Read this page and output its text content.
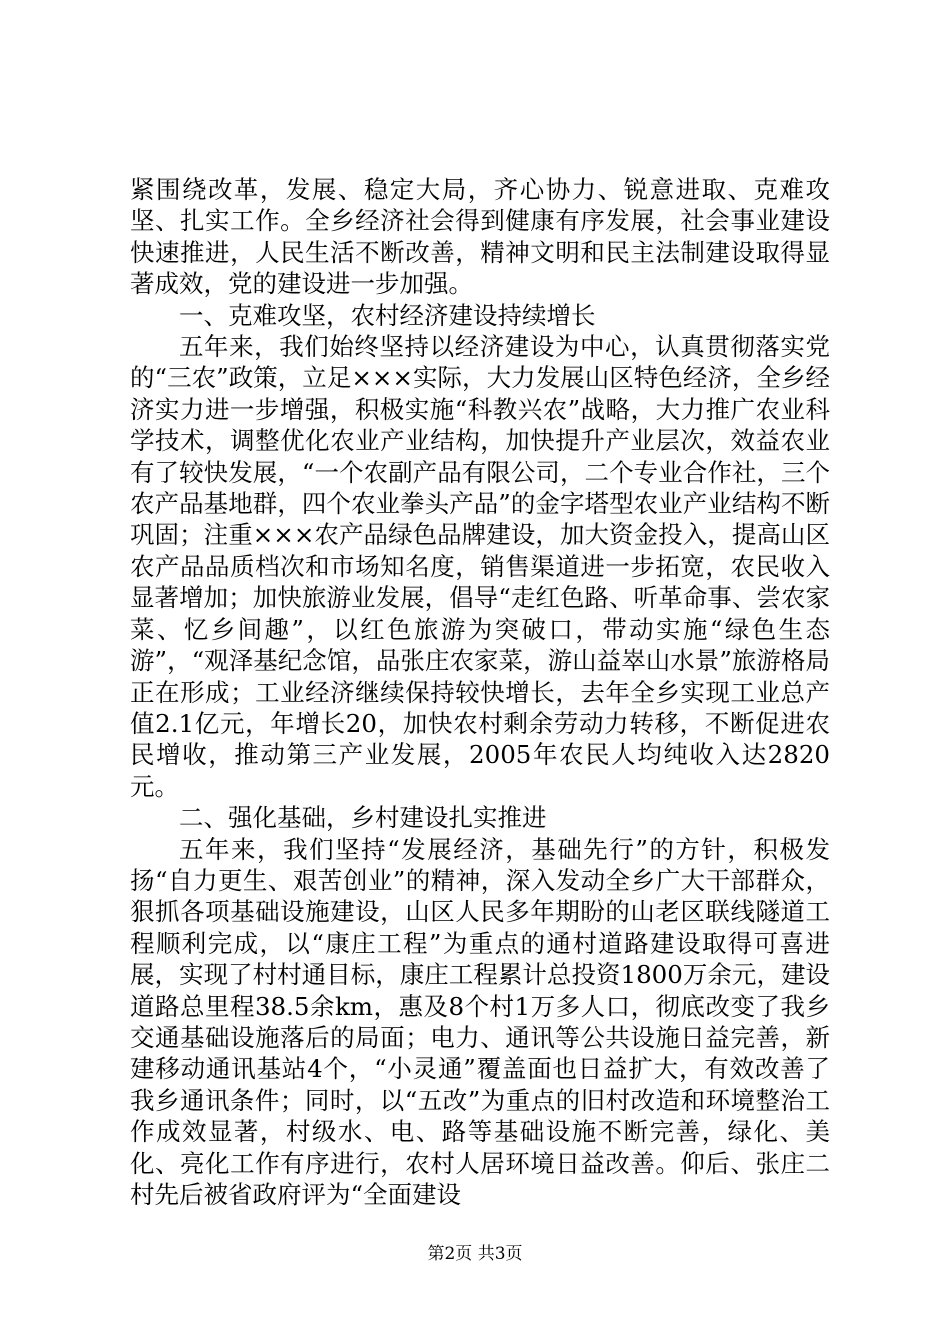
紧围绕改革，发展、稳定大局，齐心协力、锐意进取、克难攻坚、扎实工作。全乡经济社会得到健康有序发展，社会事业建设快速推进，人民生活不断改善，精神文明和民主法制建设取得显著成效，党的建设进一步加强。

一、克难攻坚，农村经济建设持续增长

五年来，我们始终坚持以经济建设为中心，认真贯彻落实党的“三农”政策，立足×××实际，大力发展山区特色经济，全乡经济实力进一步增强，积极实施“科教兴农”战略，大力推广农业科学技术，调整优化农业产业结构，加快提升产业层次，效益农业有了较快发展，“一个农副产品有限公司，二个专业合作社，三个农产品基地群，四个农业拳头产品”的金字塔型农业产业结构不断巩固；注重×××农产品绿色品牌建设，加大资金投入，提高山区农产品品质档次和市场知名度，销售渠道进一步拓宽，农民收入显著增加；加快旅游业发展，倡导“走红色路、听革命事、尝农家菜、忆乡间趣”，以红色旅游为突破口，带动实施“绿色生态游”，“观泽基纪念馆，品张庄农家菜，游山益崒山水景”旅游格局正在形成；工业经济继续保持较快增长，去年全乡实现工业总产值2.1亿元，年增长20，加快农村剩余劳动力转移，不断促进农民增收，推动第三产业发展，2005年农民人均纯收入达2820元。

二、强化基础，乡村建设扎实推进

五年来，我们坚持“发展经济，基础先行”的方针，积极发扬“自力更生、艰苦创业”的精神，深入发动全乡广大干部群众，狠抓各项基础设施建设，山区人民多年期盼的山老区联线隧道工程顺利完成，以“康庄工程”为重点的通村道路建设取得可喜进展，实现了村村通目标，康庄工程累计总投资1800万余元，建设道路总里程38.5余km，惠及8个村1万多人口，彻底改变了我乡交通基础设施落后的局面；电力、通讯等公共设施日益完善，新建移动通讯基站4个，“小灵通”覆盖面也日益扩大，有效改善了我乡通讯条件；同时，以“五改”为重点的旧村改造和环境整治工作成效显著，村级水、电、路等基础设施不断完善，绿化、美化、亮化工作有序进行，农村人居环境日益改善。仰后、张庄二村先后被省政府评为“全面建设

第2页 共3页
